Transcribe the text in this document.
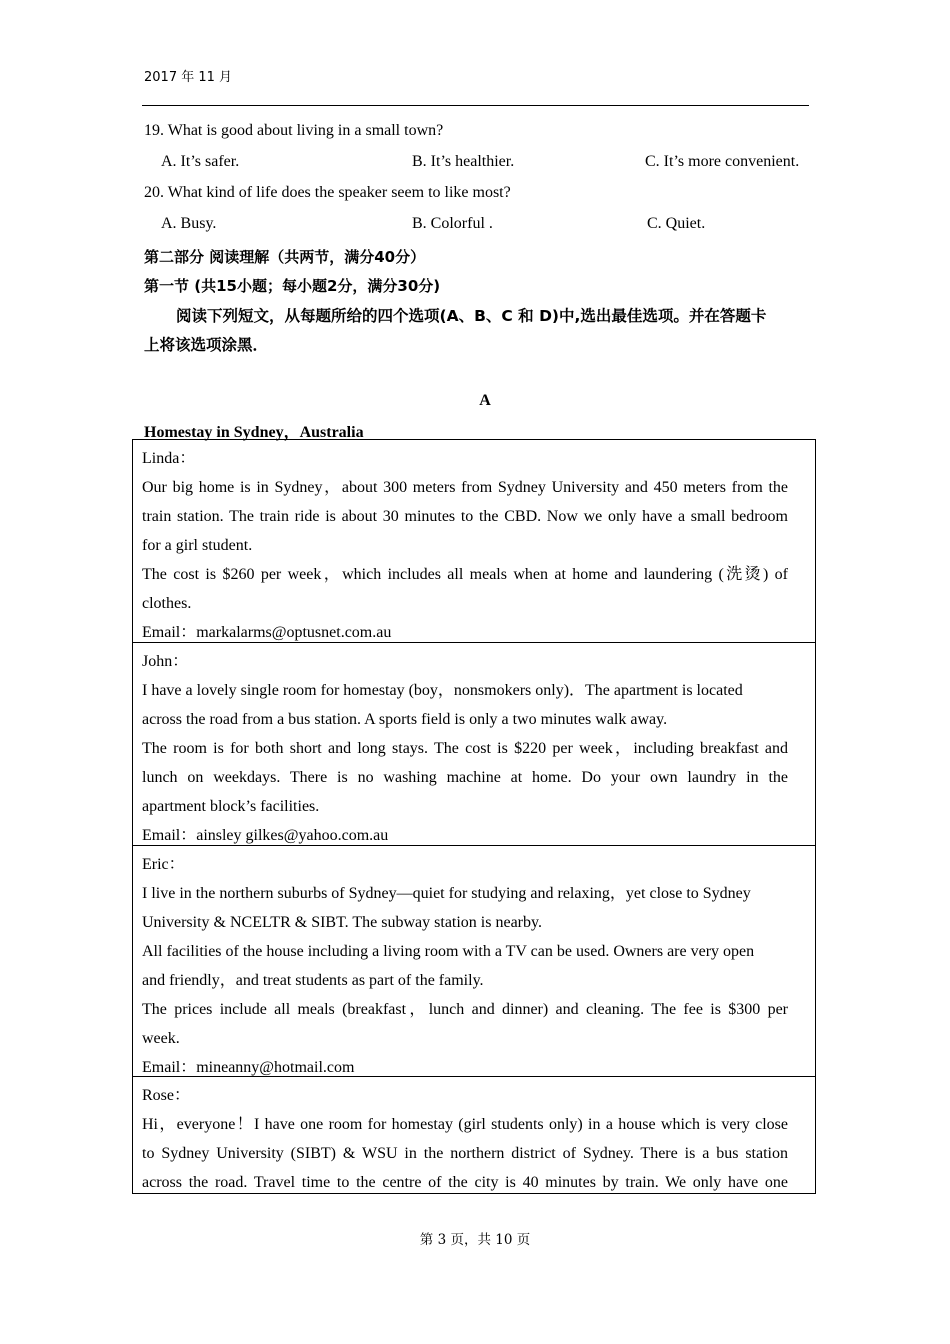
2017 年 11 月
19. What is good about living in a small town?
A. It’s safer.	B. It’s healthier.	C. It’s more convenient.
20. What kind of life does the speaker seem to like most?
A. Busy.	B. Colorful .	C. Quiet.
第二部分 阅读理解（共两节，满分40分）
第一节 (共15小题；每小题2分，满分30分)
阅读下列短文，从每题所给的四个选项(A、B、C 和 D)中,选出最佳选项。并在答题卡
上将该选项涂黑．
A
Homestay in Sydney，Australia
Linda：
Our big home is in Sydney，about 300 meters from Sydney University and 450 meters from the
train station. The train ride is about 30 minutes to the CBD. Now we only have a small bedroom
for a girl student.
The cost is $260 per week，which includes all meals when at home and laundering (洗烫) of
clothes.
Email：markalarms@optusnet.com.au
John：
I have a lovely single room for homestay (boy，nonsmokers only)．The apartment is located
across the road from a bus station. A sports field is only a two minutes walk away.
The room is for both short and long stays. The cost is $220 per week，including breakfast and
lunch on weekdays. There is no washing machine at home. Do your own laundry in the
apartment block’s facilities.
Email：ainsley gilkes@yahoo.com.au
Eric：
I live in the northern suburbs of Sydney—quiet for studying and relaxing，yet close to Sydney
University & NCELTR & SIBT. The subway station is nearby.
All facilities of the house including a living room with a TV can be used. Owners are very open
and friendly，and treat students as part of the family.
The prices include all meals (breakfast，lunch and dinner) and cleaning. The fee is $300 per
week.
Email：mineanny@hotmail.com
Rose：
Hi，everyone！I have one room for homestay (girl students only) in a house which is very close
to Sydney University (SIBT) & WSU in the northern district of Sydney. There is a bus station
across the road. Travel time to the centre of the city is 40 minutes by train. We only have one
第 3 页，共 10 页
